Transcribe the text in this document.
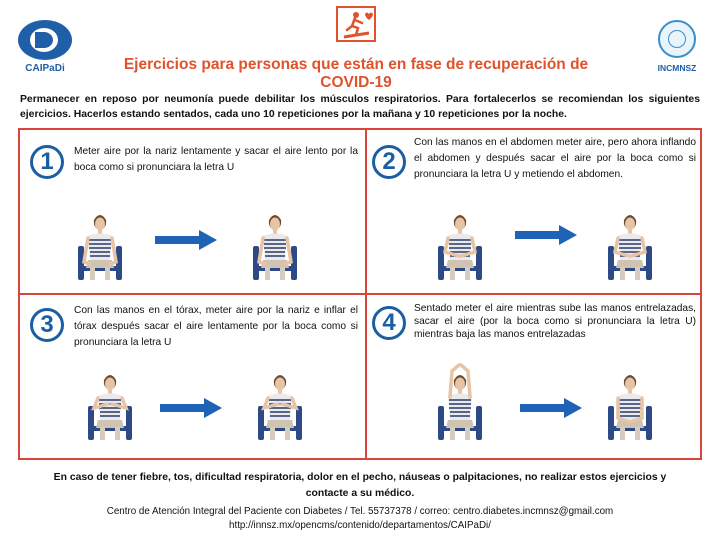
CAIPaDi	INCMNSZ
Ejercicios para personas que están en fase de recuperación de COVID-19
Permanecer en reposo por neumonía puede debilitar los músculos respiratorios. Para fortalecerlos se recomiendan los siguientes ejercicios. Hacerlos estando sentados, cada uno 10 repeticiones por la mañana y 10 repeticiones por la noche.
1	Meter aire por la nariz lentamente y sacar el aire lento por la boca como si pronunciara la letra U	2
Con las manos en el abdomen meter aire, pero ahora inflando el abdomen y después sacar el aire por la boca como si pronunciara la letra U y metiendo el abdomen.
3
Con las manos en el tórax, meter aire por la nariz e inflar el tórax después sacar el aire lentamente por la boca como si pronunciara la letra U
4
Sentado meter el aire mientras sube las manos entrelazadas, sacar el aire (por la boca como si pronunciara la letra U) mientras baja las manos entrelazadas
En caso de tener fiebre, tos, dificultad respiratoria, dolor en el pecho, náuseas o palpitaciones, no realizar estos ejercicios y contacte a su médico.
Centro de Atención Integral del Paciente con Diabetes / Tel. 55737378 / correo: centro.diabetes.incmnsz@gmail.com
http://innsz.mx/opencms/contenido/departamentos/CAIPaDi/
